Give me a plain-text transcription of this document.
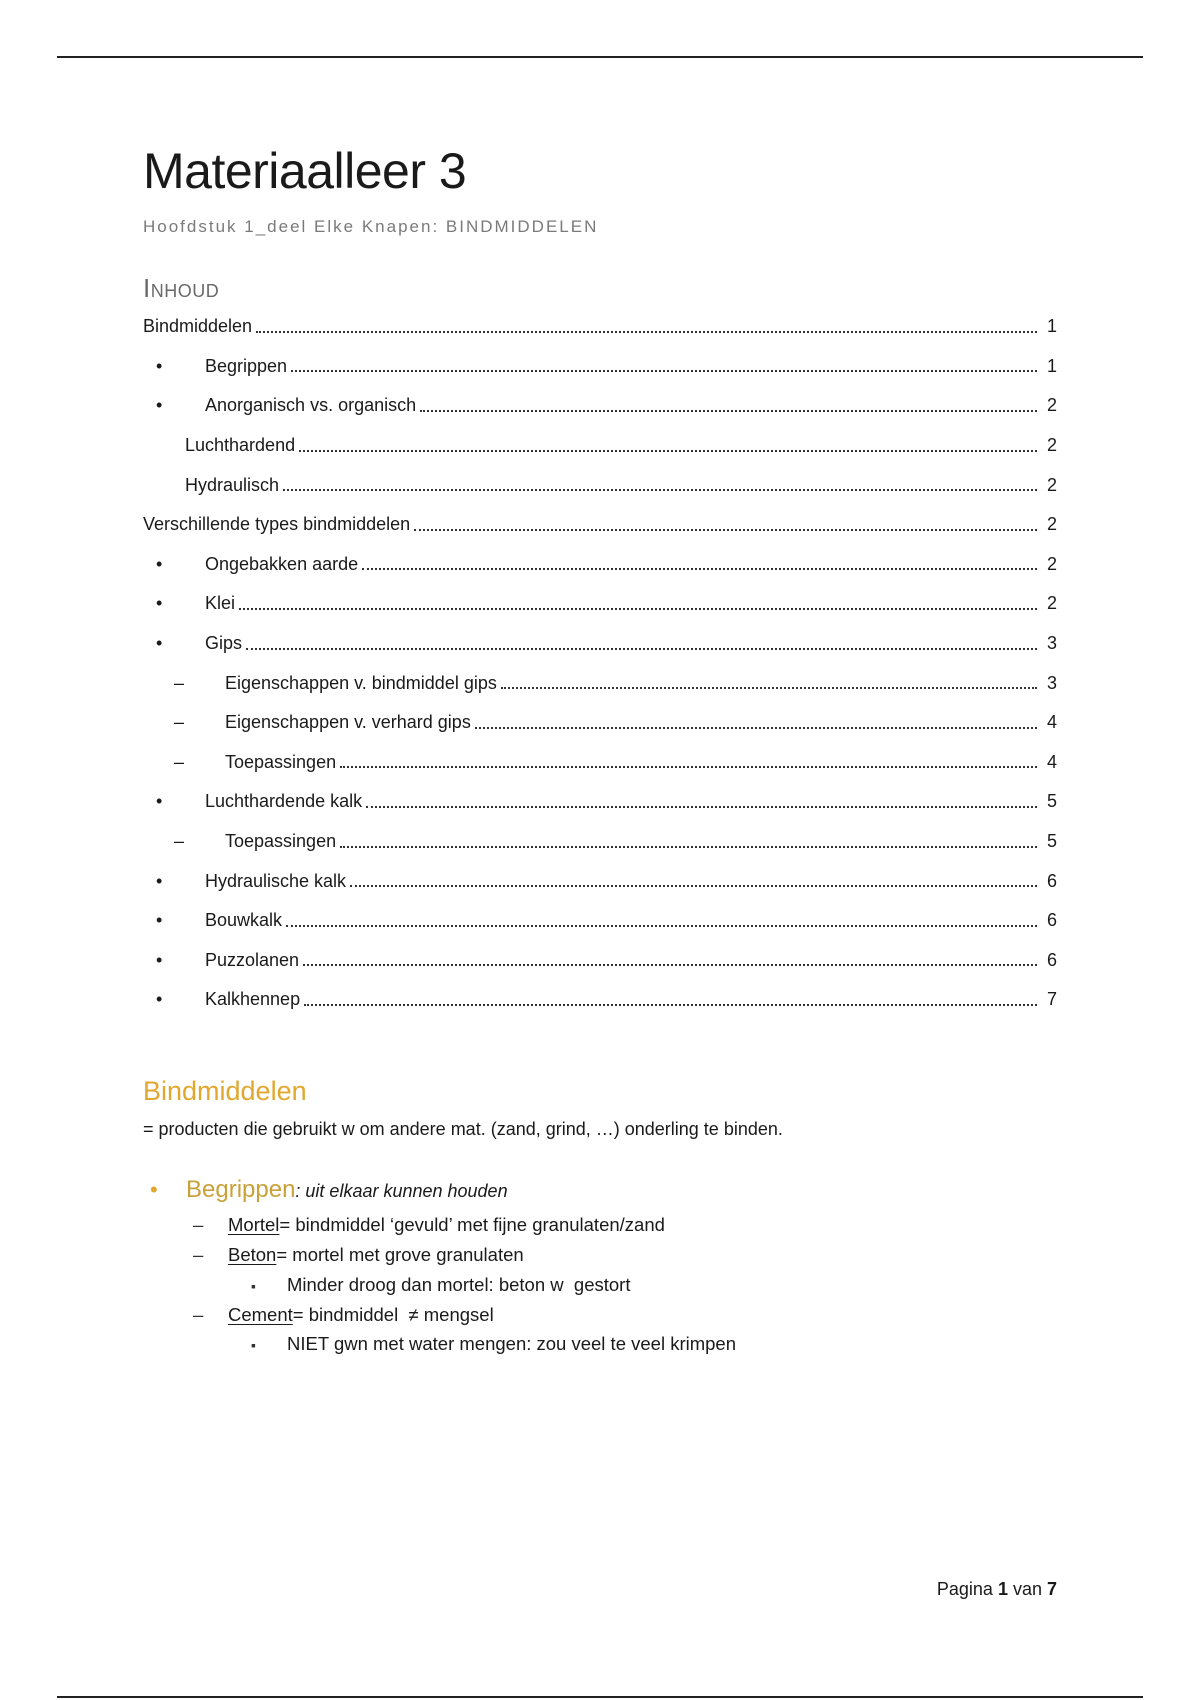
Materiaalleer 3
Hoofdstuk 1_deel Elke Knapen: BINDMIDDELEN
Inhoud
Bindmiddelen	1
• Begrippen	1
• Anorganisch vs. organisch	2
Luchthardend	2
Hydraulisch	2
Verschillende types bindmiddelen	2
• Ongebakken aarde	2
• Klei	2
• Gips	3
– Eigenschappen v. bindmiddel gips	3
– Eigenschappen v. verhard gips	4
– Toepassingen	4
• Luchthardende kalk	5
– Toepassingen	5
• Hydraulische kalk	6
• Bouwkalk	6
• Puzzolanen	6
• Kalkhennep	7
Bindmiddelen
= producten die gebruikt w om andere mat. (zand, grind, …) onderling te binden.
•	Begrippen : uit elkaar kunnen houden
–	Mortel = bindmiddel ‘gevuld’ met fijne granulaten/zand
–	Beton = mortel met grove granulaten
▪	Minder droog dan mortel: beton w  gestort
–	Cement = bindmiddel  ≠ mengsel
▪	NIET gwn met water mengen: zou veel te veel krimpen
Pagina 1 van 7
